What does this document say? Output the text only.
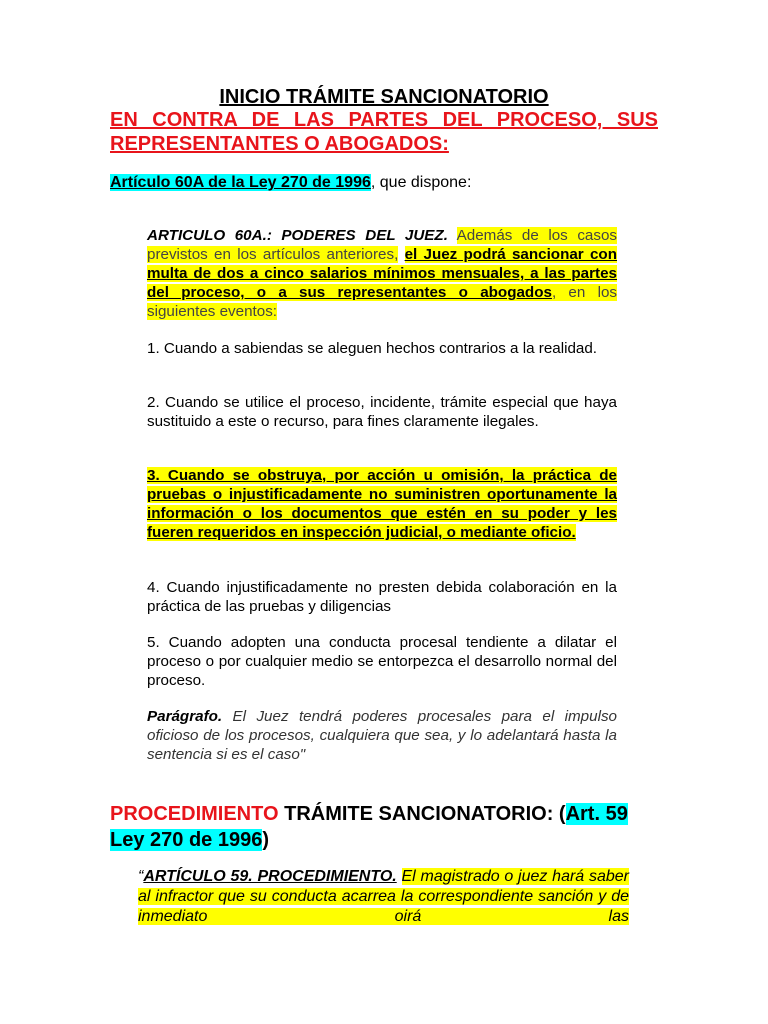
INICIO TRÁMITE SANCIONATORIO
EN CONTRA DE LAS PARTES DEL PROCESO, SUS REPRESENTANTES O ABOGADOS:
Artículo 60A de la Ley 270 de 1996, que dispone:
ARTICULO 60A.: PODERES DEL JUEZ. Además de los casos previstos en los artículos anteriores, el Juez podrá sancionar con multa de dos a cinco salarios mínimos mensuales, a las partes del proceso, o a sus representantes o abogados, en los siguientes eventos:
1. Cuando a sabiendas se aleguen hechos contrarios a la realidad.
2. Cuando se utilice el proceso, incidente, trámite especial que haya sustituido a este o recurso, para fines claramente ilegales.
3. Cuando se obstruya, por acción u omisión, la práctica de pruebas o injustificadamente no suministren oportunamente la información o los documentos que estén en su poder y les fueren requeridos en inspección judicial, o mediante oficio.
4. Cuando injustificadamente no presten debida colaboración en la práctica de las pruebas y diligencias
5. Cuando adopten una conducta procesal tendiente a dilatar el proceso o por cualquier medio se entorpezca el desarrollo normal del proceso.
Parágrafo. El Juez tendrá poderes procesales para el impulso oficioso de los procesos, cualquiera que sea, y lo adelantará hasta la sentencia si es el caso"
PROCEDIMIENTO TRÁMITE SANCIONATORIO: (Art. 59 Ley 270 de 1996)
“ARTÍCULO 59. PROCEDIMIENTO. El magistrado o juez hará saber al infractor que su conducta acarrea la correspondiente sanción y de inmediato oirá las
